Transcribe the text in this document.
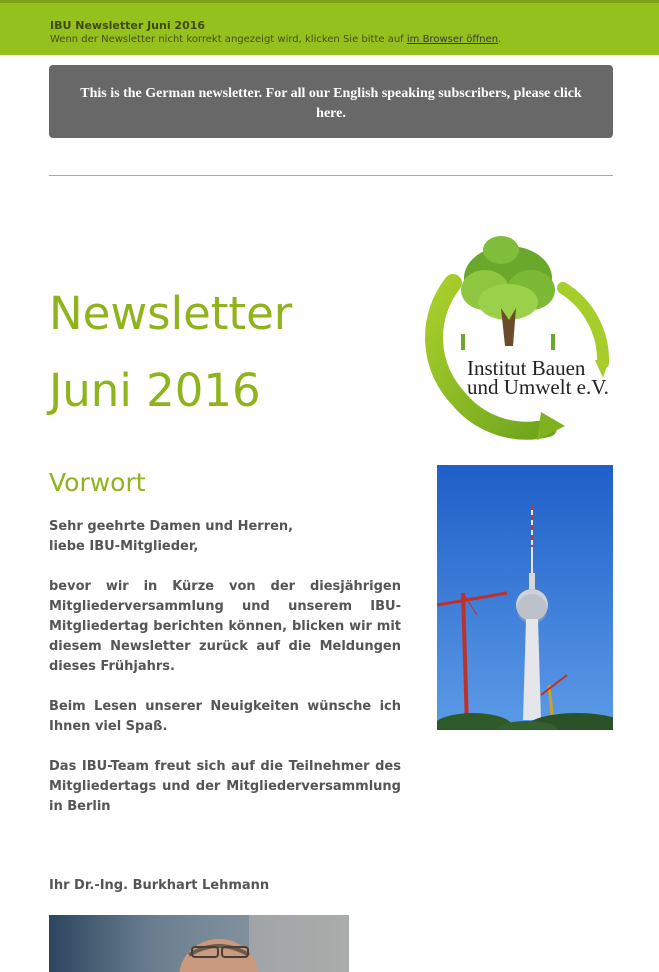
IBU Newsletter Juni 2016
Wenn der Newsletter nicht korrekt angezeigt wird, klicken Sie bitte auf im Browser öffnen.
This is the German newsletter. For all our English speaking subscribers, please click here.
Newsletter
Juni 2016	Institut Bauen
und Umwelt e.V.
Vorwort

Sehr geehrte Damen und Herren,
liebe IBU-Mitglieder,

bevor wir in Kürze von der diesjährigen Mitgliederversammlung und unserem IBU-Mitgliedertag berichten können, blicken wir mit diesem Newsletter zurück auf die Meldungen dieses Frühjahrs.

Beim Lesen unserer Neuigkeiten wünsche ich Ihnen viel Spaß.

Das IBU-Team freut sich auf die Teilnehmer des Mitgliedertags und der Mitgliederversammlung in Berlin

Ihr Dr.-Ing. Burkhart Lehmann
